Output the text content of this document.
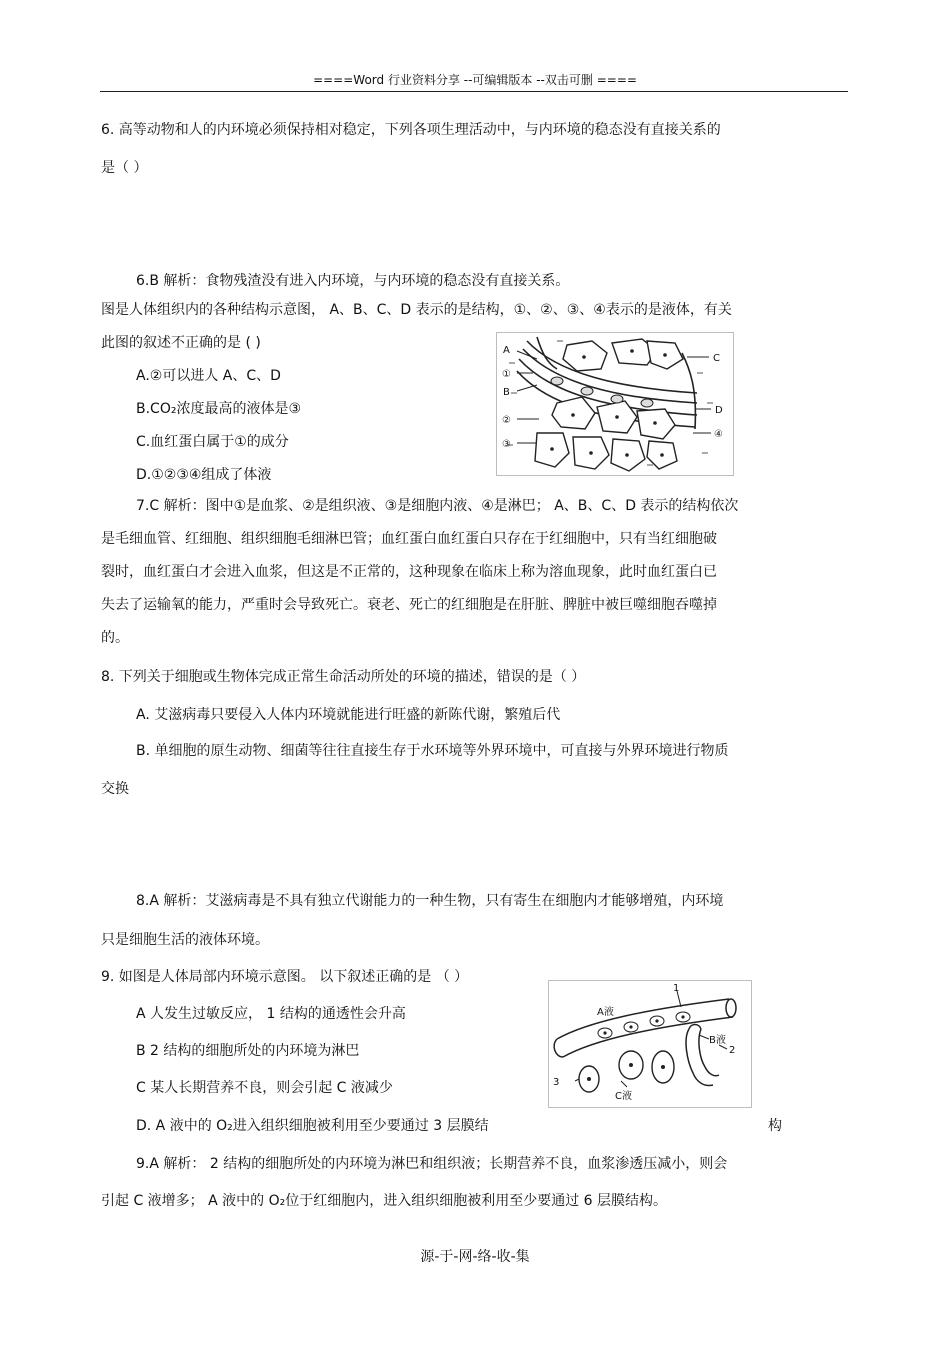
====Word 行业资料分享 --可编辑版本 --双击可删 ====
6. 高等动物和人的内环境必须保持相对稳定，下列各项生理活动中，与内环境的稳态没有直接关系的
是（ ）
6.B 解析：食物残渣没有进入内环境，与内环境的稳态没有直接关系。
图是人体组织内的各种结构示意图， A、B、C、D 表示的是结构，①、②、③、④表示的是液体，有关
此图的叙述不正确的是 ( )
A.②可以进人 A、C、D
B.CO₂浓度最高的液体是③
C.血红蛋白属于①的成分
D.①②③④组成了体液
A
①
B
②
③
C
D
④
7.C 解析：图中①是血浆、②是组织液、③是细胞内液、④是淋巴； A、B、C、D 表示的结构依次
是毛细血管、红细胞、组织细胞毛细淋巴管；血红蛋白血红蛋白只存在于红细胞中，只有当红细胞破
裂时，血红蛋白才会进入血浆，但这是不正常的，这种现象在临床上称为溶血现象，此时血红蛋白已
失去了运输氧的能力，严重时会导致死亡。衰老、死亡的红细胞是在肝脏、脾脏中被巨噬细胞吞噬掉
的。
8. 下列关于细胞或生物体完成正常生命活动所处的环境的描述，错误的是（ ）
A. 艾滋病毒只要侵入人体内环境就能进行旺盛的新陈代谢，繁殖后代
B. 单细胞的原生动物、细菌等往往直接生存于水环境等外界环境中，可直接与外界环境进行物质
交换
8.A 解析：艾滋病毒是不具有独立代谢能力的一种生物，只有寄生在细胞内才能够增殖，内环境
只是细胞生活的液体环境。
9. 如图是人体局部内环境示意图。 以下叙述正确的是 （ ）
A 人发生过敏反应， 1 结构的通透性会升高
B 2 结构的细胞所处的内环境为淋巴
C 某人长期营养不良，则会引起 C 液减少
D. A 液中的 O₂进入组织细胞被利用至少要通过 3 层膜结	构
A液
1
B液
2
3
C液
9.A 解析： 2 结构的细胞所处的内环境为淋巴和组织液；长期营养不良，血浆渗透压减小，则会
引起 C 液增多； A 液中的 O₂位于红细胞内，进入组织细胞被利用至少要通过 6 层膜结构。
源-于-网-络-收-集
